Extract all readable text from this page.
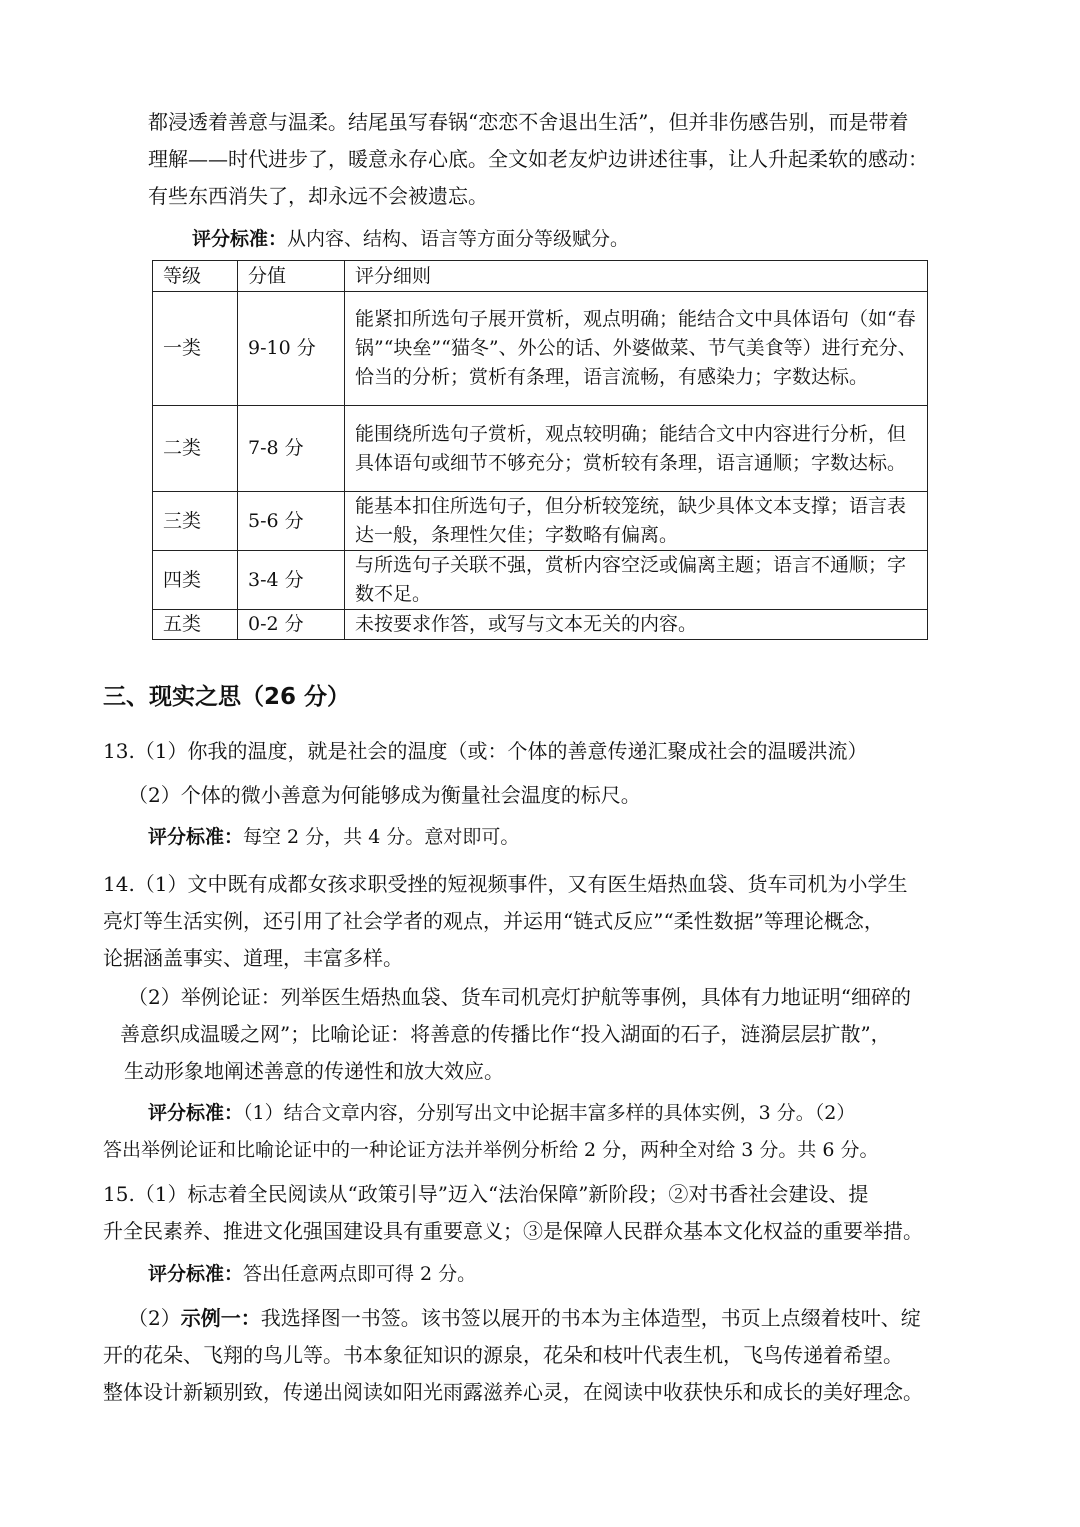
都浸透着善意与温柔。结尾虽写春锅“恋恋不舍退出生活”，但并非伤感告别，而是带着
理解——时代进步了，暖意永存心底。全文如老友炉边讲述往事，让人升起柔软的感动：
有些东西消失了，却永远不会被遗忘。
评分标准：从内容、结构、语言等方面分等级赋分。
等级	分值	评分细则
一类	9-10 分	能紧扣所选句子展开赏析，观点明确；能结合文中具体语句（如“春锅”“块垒”“猫冬”、外公的话、外婆做菜、节气美食等）进行充分、恰当的分析；赏析有条理，语言流畅，有感染力；字数达标。
二类	7-8 分	能围绕所选句子赏析，观点较明确；能结合文中内容进行分析，但具体语句或细节不够充分；赏析较有条理，语言通顺；字数达标。
三类	5-6 分	能基本扣住所选句子，但分析较笼统，缺少具体文本支撑；语言表达一般，条理性欠佳；字数略有偏离。
四类	3-4 分	与所选句子关联不强，赏析内容空泛或偏离主题；语言不通顺；字数不足。
五类	0-2 分	未按要求作答，或写与文本无关的内容。
三、现实之思（26 分）
13.（1）你我的温度，就是社会的温度（或：个体的善意传递汇聚成社会的温暖洪流）
（2）个体的微小善意为何能够成为衡量社会温度的标尺。
评分标准：每空 2 分，共 4 分。意对即可。
14.（1）文中既有成都女孩求职受挫的短视频事件，又有医生焐热血袋、货车司机为小学生
亮灯等生活实例，还引用了社会学者的观点，并运用“链式反应”“柔性数据”等理论概念，
论据涵盖事实、道理，丰富多样。
（2）举例论证：列举医生焐热血袋、货车司机亮灯护航等事例，具体有力地证明“细碎的
善意织成温暖之网”；比喻论证：将善意的传播比作“投入湖面的石子，涟漪层层扩散”，
生动形象地阐述善意的传递性和放大效应。
评分标准：（1）结合文章内容，分别写出文中论据丰富多样的具体实例，3 分。（2）
答出举例论证和比喻论证中的一种论证方法并举例分析给 2 分，两种全对给 3 分。共 6 分。
15.（1）标志着全民阅读从“政策引导”迈入“法治保障”新阶段；②对书香社会建设、提
升全民素养、推进文化强国建设具有重要意义；③是保障人民群众基本文化权益的重要举措。
评分标准：答出任意两点即可得 2 分。
（2）示例一：我选择图一书签。该书签以展开的书本为主体造型，书页上点缀着枝叶、绽
开的花朵、飞翔的鸟儿等。书本象征知识的源泉，花朵和枝叶代表生机，飞鸟传递着希望。
整体设计新颖别致，传递出阅读如阳光雨露滋养心灵，在阅读中收获快乐和成长的美好理念。
